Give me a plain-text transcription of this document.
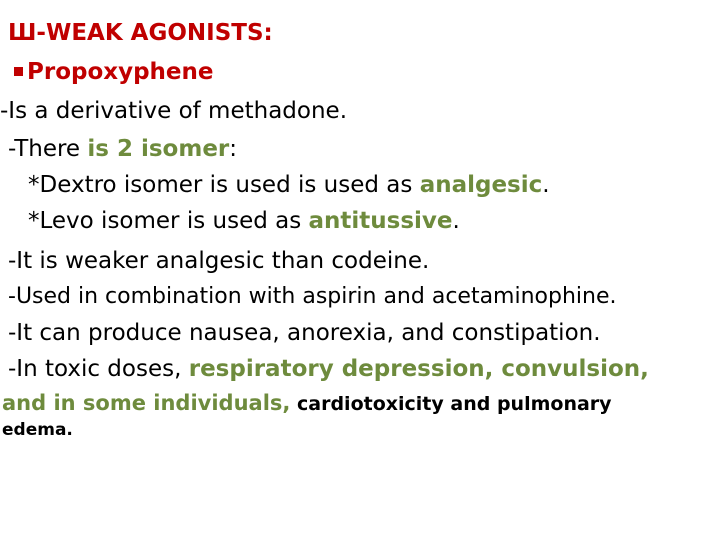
Ш-WEAK AGONISTS:
Propoxyphene
-Is a derivative of methadone.
-There is 2 isomer:
*Dextro isomer is used is used as analgesic.
*Levo isomer is used as antitussive.
-It is weaker analgesic than codeine.
-Used in combination with aspirin and acetaminophine.
-It can produce nausea, anorexia, and constipation.
-In toxic doses, respiratory depression, convulsion,
and in some individuals, cardiotoxicity and pulmonary
edema.
